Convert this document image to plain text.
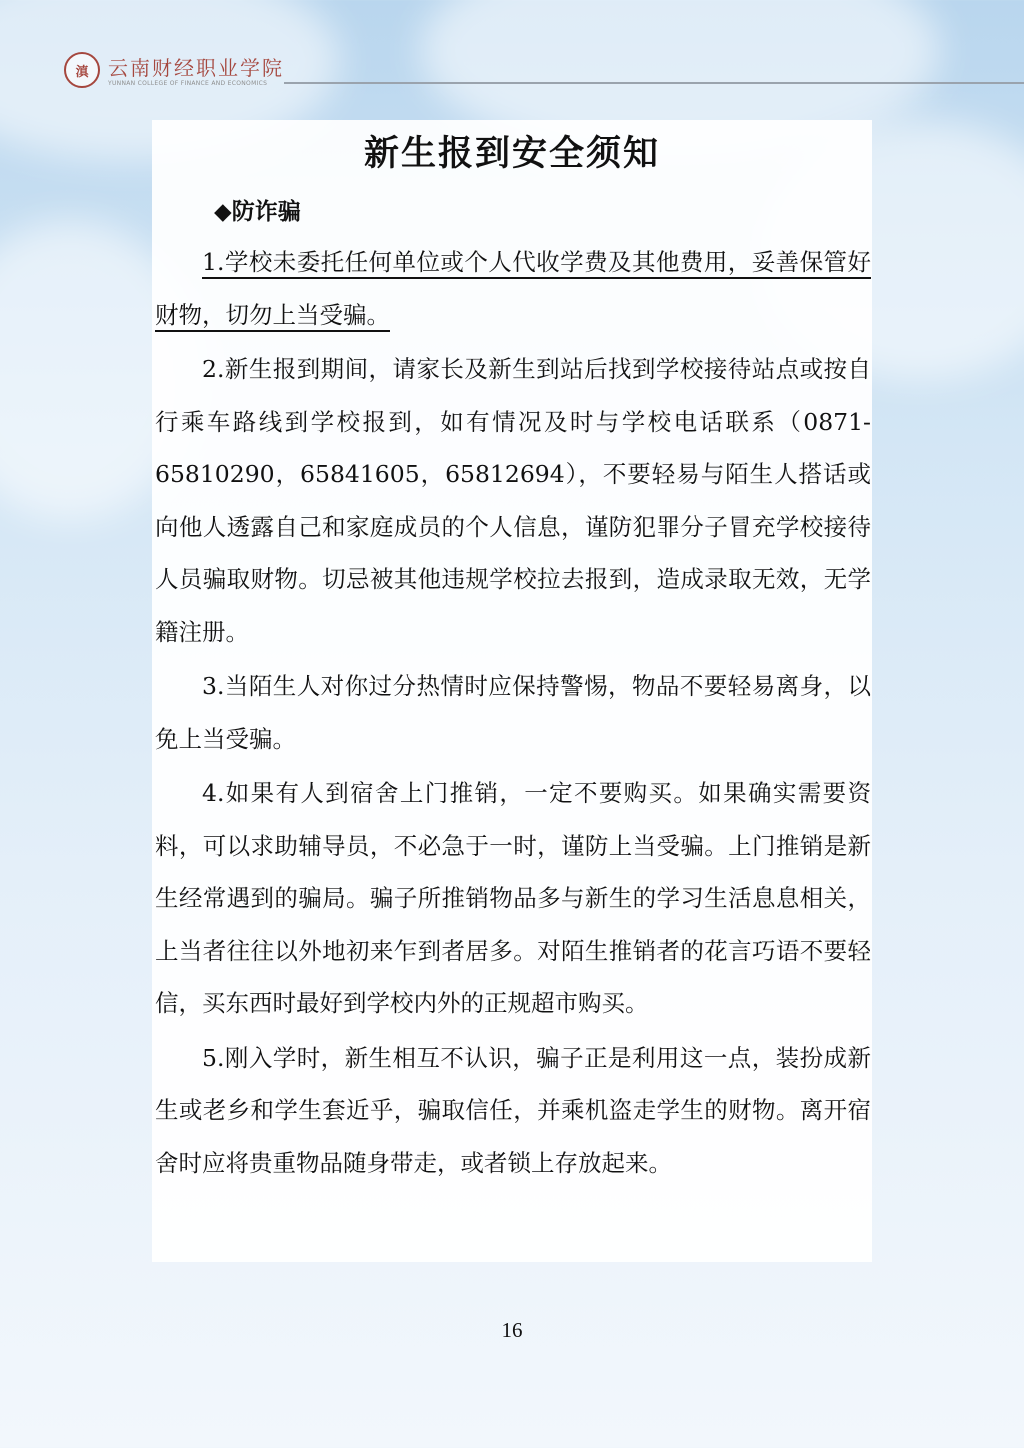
滇 云南财经职业学院
YUNNAN COLLEGE OF FINANCE AND ECONOMICS
新生报到安全须知
◆防诈骗

1.学校未委托任何单位或个人代收学费及其他费用，妥善保管好财物，切勿上当受骗。

2.新生报到期间，请家长及新生到站后找到学校接待站点或按自行乘车路线到学校报到，如有情况及时与学校电话联系（0871-65810290，65841605，65812694），不要轻易与陌生人搭话或向他人透露自己和家庭成员的个人信息，谨防犯罪分子冒充学校接待人员骗取财物。切忌被其他违规学校拉去报到，造成录取无效，无学籍注册。

3.当陌生人对你过分热情时应保持警惕，物品不要轻易离身，以免上当受骗。

4.如果有人到宿舍上门推销，一定不要购买。如果确实需要资料，可以求助辅导员，不必急于一时，谨防上当受骗。上门推销是新生经常遇到的骗局。骗子所推销物品多与新生的学习生活息息相关，上当者往往以外地初来乍到者居多。对陌生推销者的花言巧语不要轻信，买东西时最好到学校内外的正规超市购买。

5.刚入学时，新生相互不认识，骗子正是利用这一点，装扮成新生或老乡和学生套近乎，骗取信任，并乘机盗走学生的财物。离开宿舍时应将贵重物品随身带走，或者锁上存放起来。

16
